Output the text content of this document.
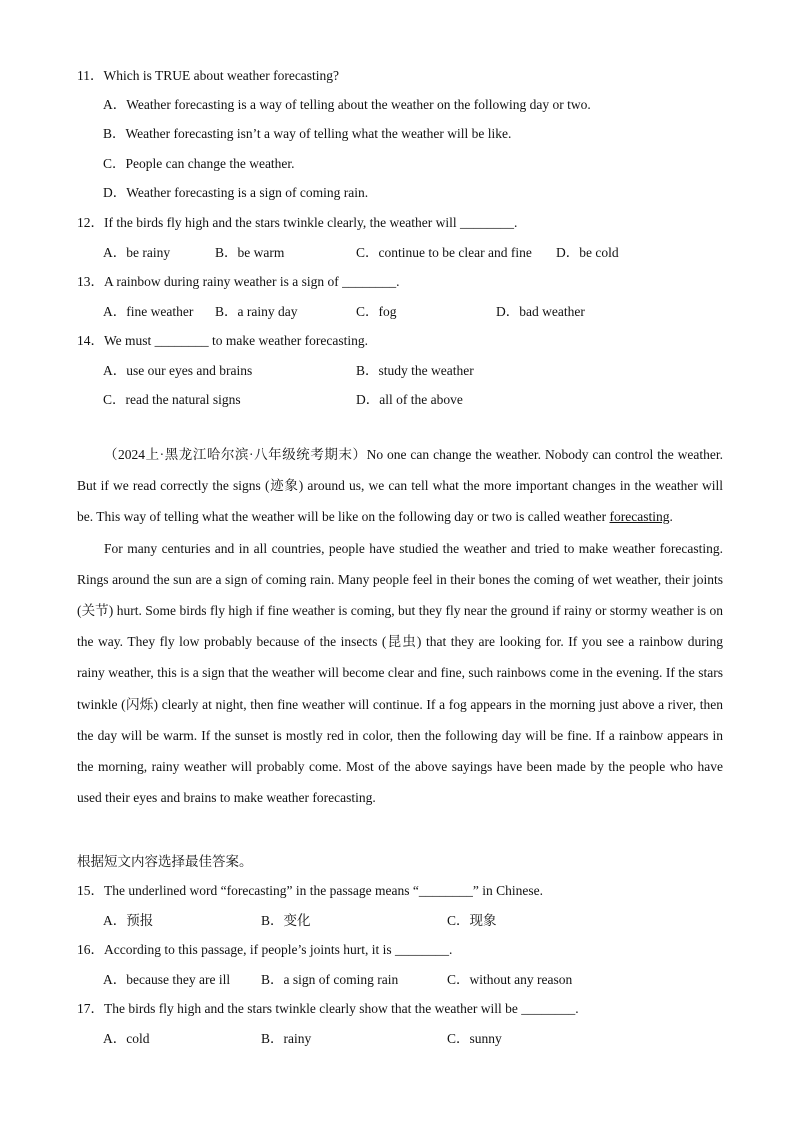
11．Which is TRUE about weather forecasting?
A．Weather forecasting is a way of telling about the weather on the following day or two.
B．Weather forecasting isn’t a way of telling what the weather will be like.
C．People can change the weather.
D．Weather forecasting is a sign of coming rain.
12．If the birds fly high and the stars twinkle clearly, the weather will ________.
A．be rainy	B．be warm	C．continue to be clear and fine D．be cold
13．A rainbow during rainy weather is a sign of ________.
A．fine weather B．a rainy day	C．fog	D．bad weather
14．We must ________ to make weather forecasting.
A．use our eyes and brains	B．study the weather
C．read the natural signs	D．all of the above

（2024上·黑龙江哈尔滨·八年级统考期末）No one can change the weather. Nobody can control the weather. But if we read correctly the signs (迹象) around us, we can tell what the more important changes in the weather will be. This way of telling what the weather will be like on the following day or two is called weather forecasting.

For many centuries and in all countries, people have studied the weather and tried to make weather forecasting. Rings around the sun are a sign of coming rain. Many people feel in their bones the coming of wet weather, their joints (关节) hurt. Some birds fly high if fine weather is coming, but they fly near the ground if rainy or stormy weather is on the way. They fly low probably because of the insects (昆虫) that they are looking for. If you see a rainbow during rainy weather, this is a sign that the weather will become clear and fine, such rainbows come in the evening. If the stars twinkle (闪烁) clearly at night, then fine weather will continue. If a fog appears in the morning just above a river, then the day will be warm. If the sunset is mostly red in color, then the following day will be fine. If a rainbow appears in the morning, rainy weather will probably come. Most of the above sayings have been made by the people who have used their eyes and brains to make weather forecasting.

根据短文内容选择最佳答案。
15．The underlined word “forecasting” in the passage means “________” in Chinese.
A．预报	B．变化	C．现象
16．According to this passage, if people’s joints hurt, it is ________.
A．because they are ill B．a sign of coming rain	C．without any reason
17．The birds fly high and the stars twinkle clearly show that the weather will be ________.
A．cold	B．rainy	C．sunny
